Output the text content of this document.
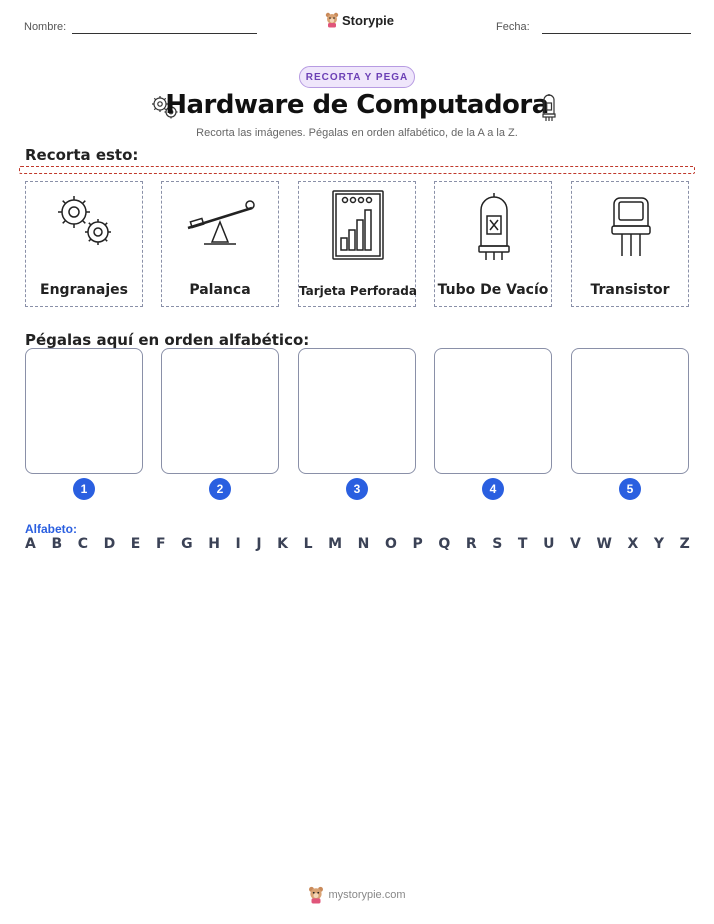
Nombre:	Storypie	Fecha:
RECORTA Y PEGA
Hardware de Computadora
Recorta las imágenes. Pégalas en orden alfabético, de la A a la Z.
Recorta esto:
Engranajes	Palanca	Tarjeta Perforada Tubo De Vacío	Transistor
Pégalas aquí en orden alfabético:
1	2	3	4	5
Alfabeto:
A B C D E F G H I J K L M N O P Q R S T U V W X Y Z
mystorypie.com
